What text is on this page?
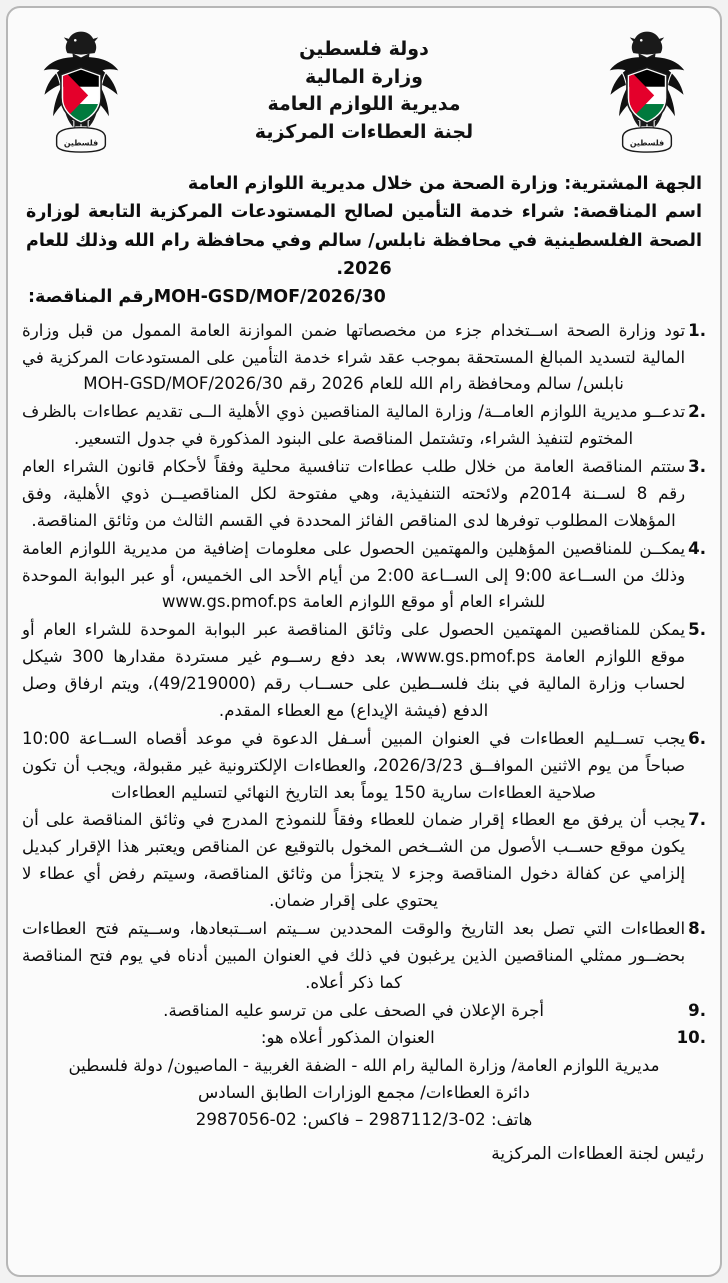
فلسطين
دولة فلسطين
وزارة المالية
مديرية اللوازم العامة
لجنة العطاءات المركزية
فلسطين
الجهة المشترية: وزارة الصحة من خلال مديرية اللوازم العامة
اسم المناقصة: شراء خدمة التأمين لصالح المستودعات المركزية التابعة لوزارة الصحة الفلسطينية في محافظة نابلس/ سالم وفي محافظة رام الله وذلك للعام 2026.
MOH-GSD/MOF/2026/30رقم المناقصة:
.1
تود وزارة الصحة اســتخدام جزء من مخصصاتها ضمن الموازنة العامة الممول من قبل وزارة المالية لتسديد المبالغ المستحقة بموجب عقد شراء خدمة التأمين على المستودعات المركزية في نابلس/ سالم ومحافظة رام الله للعام 2026 رقم MOH-GSD/MOF/2026/30
.2
تدعــو مديرية اللوازم العامــة/ وزارة المالية المناقصين ذوي الأهلية الــى تقديم عطاءات بالظرف المختوم لتنفيذ الشراء، وتشتمل المناقصة على البنود المذكورة في جدول التسعير.
.3
ستتم المناقصة العامة من خلال طلب عطاءات تنافسية محلية وفقاً لأحكام قانون الشراء العام رقم 8 لســنة 2014م ولائحته التنفيذية، وهي مفتوحة لكل المناقصيــن ذوي الأهلية، وفق المؤهلات المطلوب توفرها لدى المناقص الفائز المحددة في القسم الثالث من وثائق المناقصة.
.4
يمكــن للمناقصين المؤهلين والمهتمين الحصول على معلومات إضافية من مديرية اللوازم العامة وذلك من الســاعة 9:00 إلى الســاعة 2:00 من أيام الأحد الى الخميس، أو عبر البوابة الموحدة للشراء العام أو موقع اللوازم العامة www.gs.pmof.ps
.5
يمكن للمناقصين المهتمين الحصول على وثائق المناقصة عبر البوابة الموحدة للشراء العام أو موقع اللوازم العامة www.gs.pmof.ps، بعد دفع رســوم غير مستردة مقدارها 300 شيكل لحساب وزارة المالية في بنك فلســطين على حســاب رقم (49/219000)، ويتم ارفاق وصل الدفع (فيشة الإيداع) مع العطاء المقدم.
.6
يجب تســليم العطاءات في العنوان المبين أسـفل الدعوة في موعد أقصاه الســاعة 10:00 صباحاً من يوم الاثنين الموافــق 2026/3/23، والعطاءات الإلكترونية غير مقبولة، ويجب أن تكون صلاحية العطاءات سارية 150 يوماً بعد التاريخ النهائي لتسليم العطاءات
.7
يجب أن يرفق مع العطاء إقرار ضمان للعطاء وفقاً للنموذج المدرج في وثائق المناقصة على أن يكون موقع حســب الأصول من الشــخص المخول بالتوقيع عن المناقص ويعتبر هذا الإقرار كبديل إلزامي عن كفالة دخول المناقصة وجزء لا يتجزأ من وثائق المناقصة، وسيتم رفض أي عطاء لا يحتوي على إقرار ضمان.
.8
العطاءات التي تصل بعد التاريخ والوقت المحددين ســيتم اســتبعادها، وســيتم فتح العطاءات بحضــور ممثلي المناقصين الذين يرغبون في ذلك في العنوان المبين أدناه في يوم فتح المناقصة كما ذكر أعلاه.
.9
أجرة الإعلان في الصحف على من ترسو عليه المناقصة.
.10
العنوان المذكور أعلاه هو:
مديرية اللوازم العامة/ وزارة المالية رام الله - الضفة الغربية - الماصيون/ دولة فلسطين
دائرة العطاءات/ مجمع الوزارات الطابق السادس
هاتف: 02-2987112/3 – فاكس: 02-2987056
رئيس لجنة العطاءات المركزية
